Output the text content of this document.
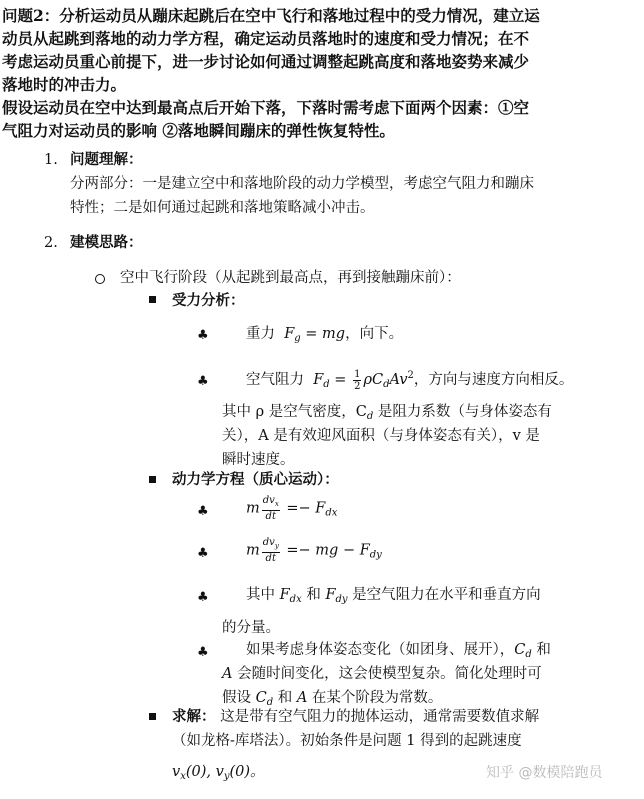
问题2：分析运动员从蹦床起跳后在空中飞行和落地过程中的受力情况，建立运
动员从起跳到落地的动力学方程，确定运动员落地时的速度和受力情况；在不
考虑运动员重心前提下，进一步讨论如何通过调整起跳高度和落地姿势来减少
落地时的冲击力。
假设运动员在空中达到最高点后开始下落，下落时需考虑下面两个因素：①空
气阻力对运动员的影响 ②落地瞬间蹦床的弹性恢复特性。
1. 问题理解：
分两部分：一是建立空中和落地阶段的动力学模型，考虑空气阻力和蹦床
特性；二是如何通过起跳和落地策略减小冲击。
2. 建模思路：
空中飞行阶段（从起跳到最高点，再到接触蹦床前）：
受力分析：
♣	重力 $F_g$ = mg，向下。
♣	空气阻力 $F_d = \frac{1}{2} \rho C_dAv^2$，方向与速度方向相反。
其中 ρ 是空气密度，$C_d$ 是阻力系数（与身体姿态有
关），A 是有效迎风面积（与身体姿态有关），v 是
瞬时速度。
动力学方程（质心运动）：
♣	m $\frac{dv_x}{dt} =- F_{dx}$
♣	m $\frac{dv_y}{dt}$ =− mg − $F_{dy}$
♣	其中 $F_{dx}$ 和 $F_{dy}$ 是空气阻力在水平和垂直方向
的分量。
♣	如果考虑身体姿态变化（如团身、展开），$C_d$ 和
A 会随时间变化，这会使模型复杂。简化处理时可
假设 $C_d$ 和 A 在某个阶段为常数。
求解： 这是带有空气阻力的抛体运动，通常需要数值求解
（如龙格-库塔法）。初始条件是问题 1 得到的起跳速度
$v_x(0)$, $v_y(0)$。	知乎 @数模陪跑员
